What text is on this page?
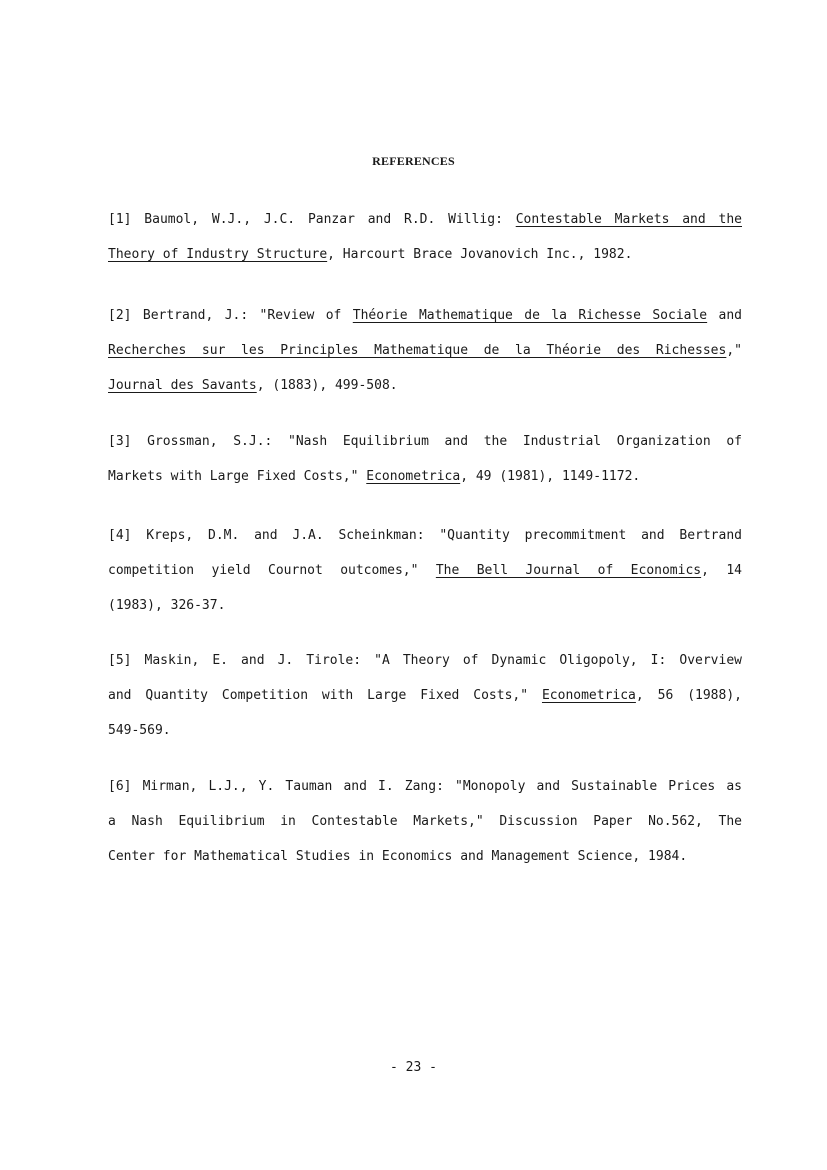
REFERENCES
[1] Baumol, W.J., J.C. Panzar and R.D. Willig: Contestable Markets and the
Theory of Industry Structure, Harcourt Brace Jovanovich Inc., 1982.
[2] Bertrand, J.: "Review of Théorie Mathematique de la Richesse Sociale and
Recherches sur les Principles Mathematique de la Théorie des Richesses,"
Journal des Savants, (1883), 499-508.
[3] Grossman, S.J.: "Nash Equilibrium and the Industrial Organization of
Markets with Large Fixed Costs," Econometrica, 49 (1981), 1149-1172.
[4] Kreps, D.M. and J.A. Scheinkman: "Quantity precommitment and Bertrand
competition yield Cournot outcomes," The Bell Journal of Economics, 14
(1983), 326-37.
[5] Maskin, E. and J. Tirole: "A Theory of Dynamic Oligopoly, I: Overview
and Quantity Competition with Large Fixed Costs," Econometrica, 56 (1988),
549-569.
[6] Mirman, L.J., Y. Tauman and I. Zang: "Monopoly and Sustainable Prices as
a Nash Equilibrium in Contestable Markets," Discussion Paper No.562, The
Center for Mathematical Studies in Economics and Management Science, 1984.
- 23 -
